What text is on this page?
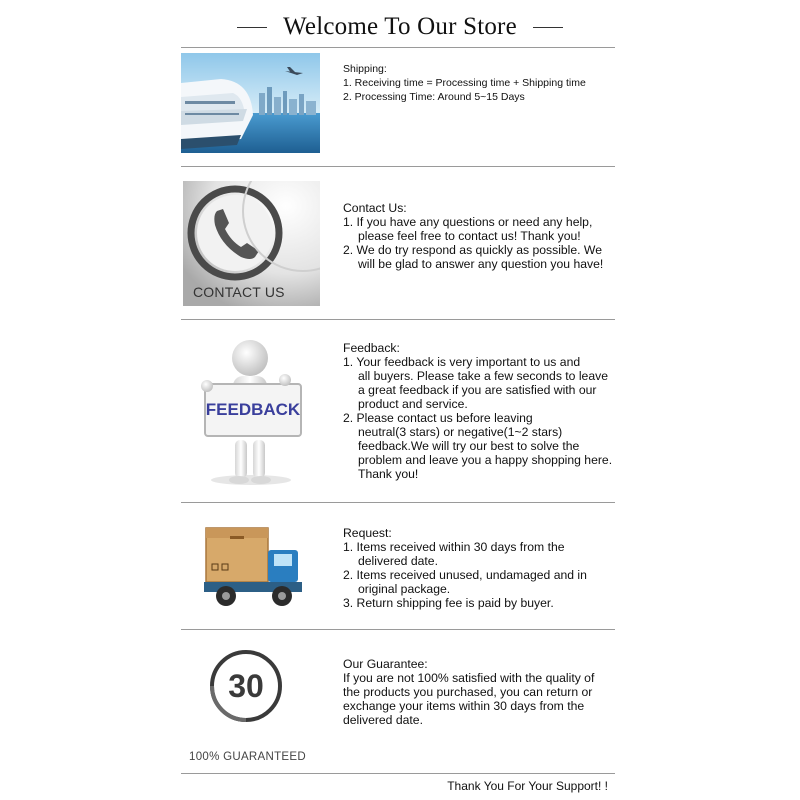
Welcome To Our Store
Shipping:
1. Receiving time = Processing time + Shipping time
2. Processing Time: Around 5~15 Days
CONTACT US
Contact Us:
1. If you have any questions or need any help,
please feel free to contact us! Thank you!
2. We do try respond as quickly as possible. We
will be glad to answer any question you have!
FEEDBACK
Feedback:
1. Your feedback is very important to us and
all buyers. Please take a few seconds to leave
a great feedback if you are satisfied with our
product and service.
2. Please contact us before leaving
neutral(3 stars) or negative(1~2 stars)
feedback.We will try our best to solve the
problem and leave you a happy shopping here.
Thank you!
Request:
1. Items received within 30 days from the
delivered date.
2. Items received unused, undamaged and in
original package.
3. Return shipping fee is paid by buyer.
30
100% GUARANTEED
Our Guarantee:
If you are not 100% satisfied with the quality of
the products you purchased, you can return or
exchange your items within 30 days from the
delivered date.
Thank You For Your Support! !
